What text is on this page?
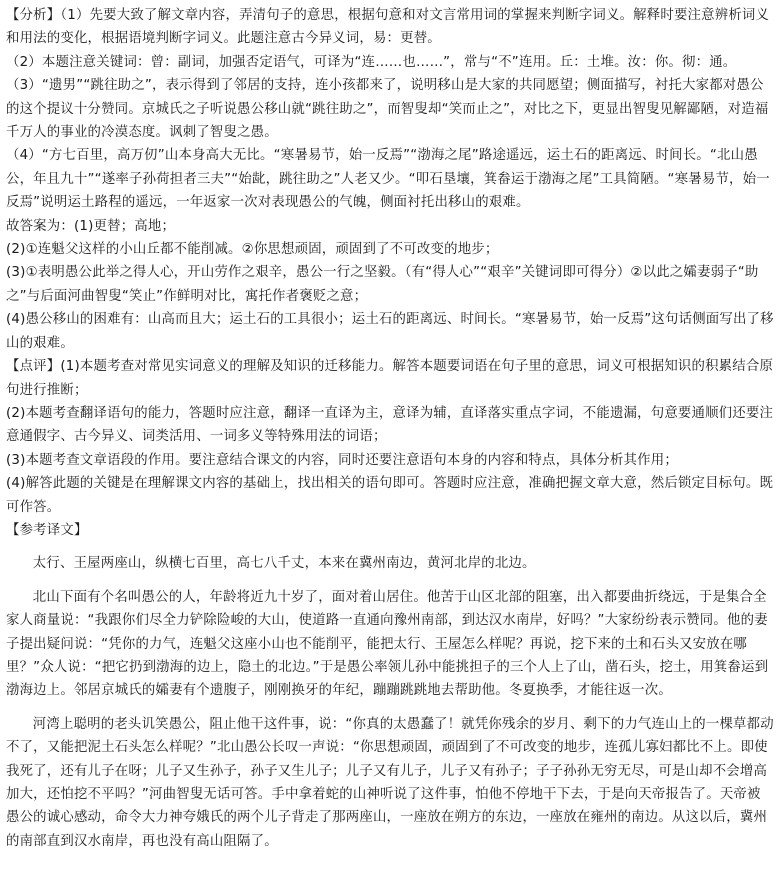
【分析】（1）先要大致了解文章内容，弄清句子的意思，根据句意和对文言常用词的掌握来判断字词义。解释时要注意辨析词义和用法的变化，根据语境判断字词义。此题注意古今异义词，易：更替。

（2）本题注意关键词：曾：副词，加强否定语气，可译为“连……也……”，常与“不”连用。丘：土堆。汝：你。彻：通。

（3）“遗男”“跳往助之”，表示得到了邻居的支持，连小孩都来了，说明移山是大家的共同愿望；侧面描写，衬托大家都对愚公的这个提议十分赞同。京城氏之子听说愚公移山就“跳往助之”，而智叟却“笑而止之”，对比之下，更显出智叟见解鄙陋，对造福千万人的事业的冷漠态度。讽刺了智叟之愚。

（4）“方七百里，高万仞”山本身高大无比。“寒暑易节，始一反焉”“渤海之尾”路途遥远，运土石的距离远、时间长。“北山愚公，年且九十”“遂率子孙荷担者三夫”“始龀，跳往助之”人老又少。“叩石垦壤，箕畚运于渤海之尾”工具简陋。“寒暑易节，始一反焉”说明运土路程的遥远，一年返家一次对表现愚公的气魄，侧面衬托出移山的艰难。

故答案为：(1)更替；高地；

(2)①连魁父这样的小山丘都不能削减。②你思想顽固，顽固到了不可改变的地步；

(3)①表明愚公此举之得人心，开山劳作之艰辛，愚公一行之坚毅。（有“得人心”“艰辛”关键词即可得分）②以此之孀妻弱子“助之”与后面河曲智叟“笑止”作鲜明对比，寓托作者褒贬之意；

(4)愚公移山的困难有：山高而且大；运土石的工具很小；运土石的距离远、时间长。“寒暑易节，始一反焉”这句话侧面写出了移山的艰难。

【点评】(1)本题考查对常见实词意义的理解及知识的迁移能力。解答本题要词语在句子里的意思，词义可根据知识的积累结合原句进行推断；

(2)本题考查翻译语句的能力，答题时应注意，翻译一直译为主，意译为辅，直译落实重点字词，不能遗漏，句意要通顺们还要注意通假字、古今异义、词类活用、一词多义等特殊用法的词语；

(3)本题考查文章语段的作用。要注意结合课文的内容，同时还要注意语句本身的内容和特点，具体分析其作用；

(4)解答此题的关键是在理解课文内容的基础上，找出相关的语句即可。答题时应注意，准确把握文章大意，然后锁定目标句。既可作答。

【参考译文】

太行、王屋两座山，纵横七百里，高七八千丈，本来在冀州南边，黄河北岸的北边。

北山下面有个名叫愚公的人，年龄将近九十岁了，面对着山居住。他苦于山区北部的阻塞，出入都要曲折绕远，于是集合全家人商量说：“我跟你们尽全力铲除险峻的大山，使道路一直通向豫州南部，到达汉水南岸，好吗？”大家纷纷表示赞同。他的妻子提出疑问说：“凭你的力气，连魁父这座小山也不能削平，能把太行、王屋怎么样呢？再说，挖下来的土和石头又安放在哪里？”众人说：“把它扔到渤海的边上，隐土的北边。”于是愚公率领儿孙中能挑担子的三个人上了山，凿石头，挖土，用箕畚运到渤海边上。邻居京城氏的孀妻有个遗腹子，刚刚换牙的年纪，蹦蹦跳跳地去帮助他。冬夏换季，才能往返一次。

河湾上聪明的老头讥笑愚公，阻止他干这件事，说：“你真的太愚蠢了！就凭你残余的岁月、剩下的力气连山上的一棵草都动不了，又能把泥土石头怎么样呢？”北山愚公长叹一声说：“你思想顽固，顽固到了不可改变的地步，连孤儿寡妇都比不上。即使我死了，还有儿子在呀；儿子又生孙子，孙子又生儿子；儿子又有儿子，儿子又有孙子；子子孙孙无穷无尽，可是山却不会增高加大，还怕挖不平吗？”河曲智叟无话可答。手中拿着蛇的山神听说了这件事，怕他不停地干下去，于是向天帝报告了。天帝被愚公的诚心感动，命令大力神夸娥氏的两个儿子背走了那两座山，一座放在朔方的东边，一座放在雍州的南边。从这以后，冀州的南部直到汉水南岸，再也没有高山阻隔了。
